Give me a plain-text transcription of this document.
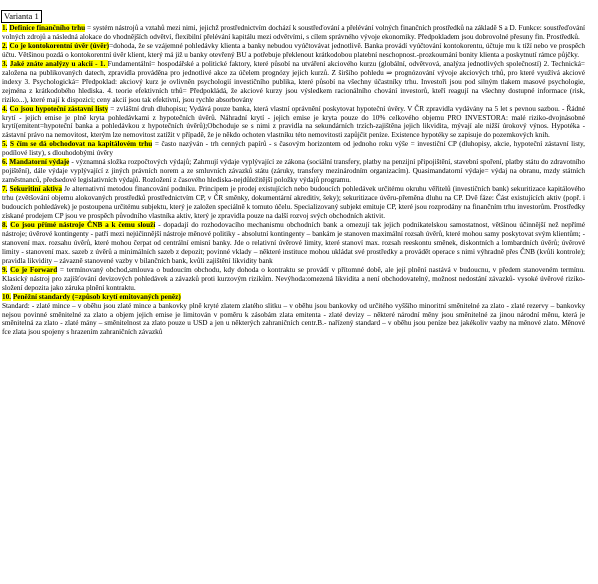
Varianta 1
1. Definice finančního trhu = systém nástrojů a vztahů mezi nimi, jejichž prostřednictvím dochází k soustřeďování a přelévání volných finančních prostředků na základě S a D. Funkce: soustřeďování volných zdrojů a následná alokace do vhodnějších odvětví, flexibilní přelévání kapitálu mezi odvětvími, s cílem správného vývoje ekonomiky. Předpokladem jsou dobrovolné přesuny fin. Prostředků.
2. Co je kontokorentní úvěr (úvěr)=dohoda, že se vzájemné pohledávky klienta a banky nebudou vyúčtovávat jednotlivě. Banka provádí vyúčtování kontokorentu, účtuje mu k tíží nebo ve prospěch účtu. Většinou pozdá o kontokorentní úvěr klient, který má již u banky otevřený BU a potřebuje překlenout krátkodobou platební neschopnost.-prozkoumání bonity klienta a poskytnutí rámce půjčky.
3. Jaké znáte analýzy u akcií - 1. Fundamentální= hospodářské a politické faktory, které působí na utváření akciového kurzu (globální, odvětvová, analýza jednotlivých společností) 2. Technická= založena na publikovaných datech, zpravidla prováděna pro jednotlivé akce za účelem prognózy jejich kurzů. Z širšího pohledu ⇒ prognózování vývoje akciových trhů, pro které využívá akciové indexy 3. Psychologická= Předpoklad: akciový kurz je ovlivněn psychologií investičního publika, které působí na všechny účastníky trhu. Investoři jsou pod silným tlakem masové psychologie, zejména z krátkodobého hlediska. 4. teorie efektivních trhů= Předpokládá, že akciové kurzy jsou výsledkem racionálního chování investorů, kteří reagují na všechny dostupné informace (risk, riziko...), které mají k dispozici; ceny akcií jsou tak efektivní, jsou rychle absorbovány
4. Co jsou hypoteční zástavní listy = zvláštní druh dluhopisu; Vydává pouze banka, která vlastní oprávnění poskytovat hypoteční úvěry. V ČR zpravidla vydávány na 5 let s pevnou sazbou. - Řádné krytí - jejich emise je plně kryta pohledávkami z hypotečních úvěrů. Náhradní krytí - jejich emise je kryta pouze do 10% celkového objemu PRO INVESTORA: malé riziko-dvojnásobné krytí(emitent=hypoteční banka a pohledávkou z hypotečních úvěrů);Obchoduje se s nimi z pravidla na sekundárních trzích-zajištěna jejich likvidita, mývají ale nižší úrokový výnos. Hypotéka - zástavní právo na nemovitost, kterým lze nemovitost zatížit v případě, že je někdo ochoten vlastníku této nemovitosti zapůjčit peníze. Existence hypotéky se zapisuje do pozemkových knih.
5. S čím se dá obchodovat na kapitálovém trhu = často nazýván - trh cenných papírů - s časovým horizontem od jednoho roku výše = investiční CP (dluhopisy, akcie, hypoteční zástavní listy, podílové listy), s dlouhodobými úvěry
6. Mandatorní výdaje - významná složka rozpočtových výdajů; Zahrnují výdaje vyplývající ze zákona (sociální transfery, platby na penzijní připojištění, stavební spoření, platby státu do zdravotního pojištění), dále výdaje vyplývající z jiných právních norem a ze smluvních závazků státu (záruky, transfery mezinárodním organizacím). Quasimandatorní výdaje= výdaj na obranu, mzdy státních zaměstnanců, předsedové legislativních výdajů. Rozložení z časového hlediska-nejdůležitější položky výdajů programu.
7. Sekuritiní aktiva Je alternativní metodou financování podniku. Principem je prodej existujících nebo budoucích pohledávek určitému okruhu věřitelů (investičních bank) sekuritizace kapitálového trhu (zvětšování objemu alokovaných prostředků prostřednictvím CP, v ČR směnky, dokumentární akreditiv, šeky); sekuritizace úvěru-přeměna dluhu na CP. Dvě fáze: Část existujících aktiv (popř. i budoucích pohledávek) je postoupena určitému subjektu, který je založen speciálně k tomuto účelu. Specializovaný subjekt emituje CP, které jsou rozprodány na finančním trhu investorům. Prostředky získané prodejem CP jsou ve prospěch původního vlastníka aktiv, který je zpravidla pouze na další rozvoj svých obchodních aktivit.
8. Co jsou přímé nástroje ČNB a k čemu slouží - dopadají do rozhodovacího mechanismu obchodních bank a omezují tak jejich podnikatelskou samostatnost, většinou účinnější než nepřímé nástroje; úvěrové kontingenty - patří mezi nejúčinnější nástroje měnové politiky - absolutní kontingenty – bankám je stanoven maximální rozsah úvěrů, které mohou samy poskytovat svým klientům; - stanovení max. rozsahu úvěrů, které mohou čerpat od centrální emisní banky. Jde o relativní úvěrové limity, které stanoví max. rozsah reeskontu směnek, diskontních a lombardních úvěrů; úvěrové limity - stanovení max. sazeb z úvěrů a minimálních sazeb z depozit; povinné vklady – některé instituce mohou ukládat své prostředky a provádět operace s nimi výhradně přes ČNB (kvůli kontrole); pravidla likvidity – závazně stanovené vazby v bilančních bank, kvůli zajištění likvidity bank
9. Co je Forward = termínovaný obchod,smlouva o budoucím obchodu, kdy dohoda o kontraktu se provádí v přítomné době, ale její plnění nastává v budoucnu, v předem stanoveném termínu. Klasický nástroj pro zajišťování devizových pohledávek a závazků proti kurzovým rizikům. Nevýhoda:omezená likvidita a není obchodovatelný, možnost nedostání závazků- vysoké úvěrové riziko-složení depozita jako záruka plnění kontraktu.
10. Peněžní standardy (=způsob krytí emitovaných peněz)
Standard: - zlaté mince – v oběhu jsou zlaté mince a bankovky plně kryté zlatem zlatého slitku – v oběhu jsou bankovky od určitého vyššího minoritní směnitelné za zlato - zlaté rezervy – bankovky nejsou povinné směnitelné za zlato a objem jejich emise je limitován v poměru k zásobám zlata emitenta - zlaté devizy – některé národní měny jsou směnitelné za jinou národní měnu, která je směnitelná za zlato - zlaté mány – směnitelnost za zlato pouze u USD a jen u některých zahraničních centr.B.- nařízený standard – v oběhu jsou peníze bez jakékoliv vazby na měnové zlato. Měnové fce zlata jsou spojeny s hrazením zahraničních závazků
